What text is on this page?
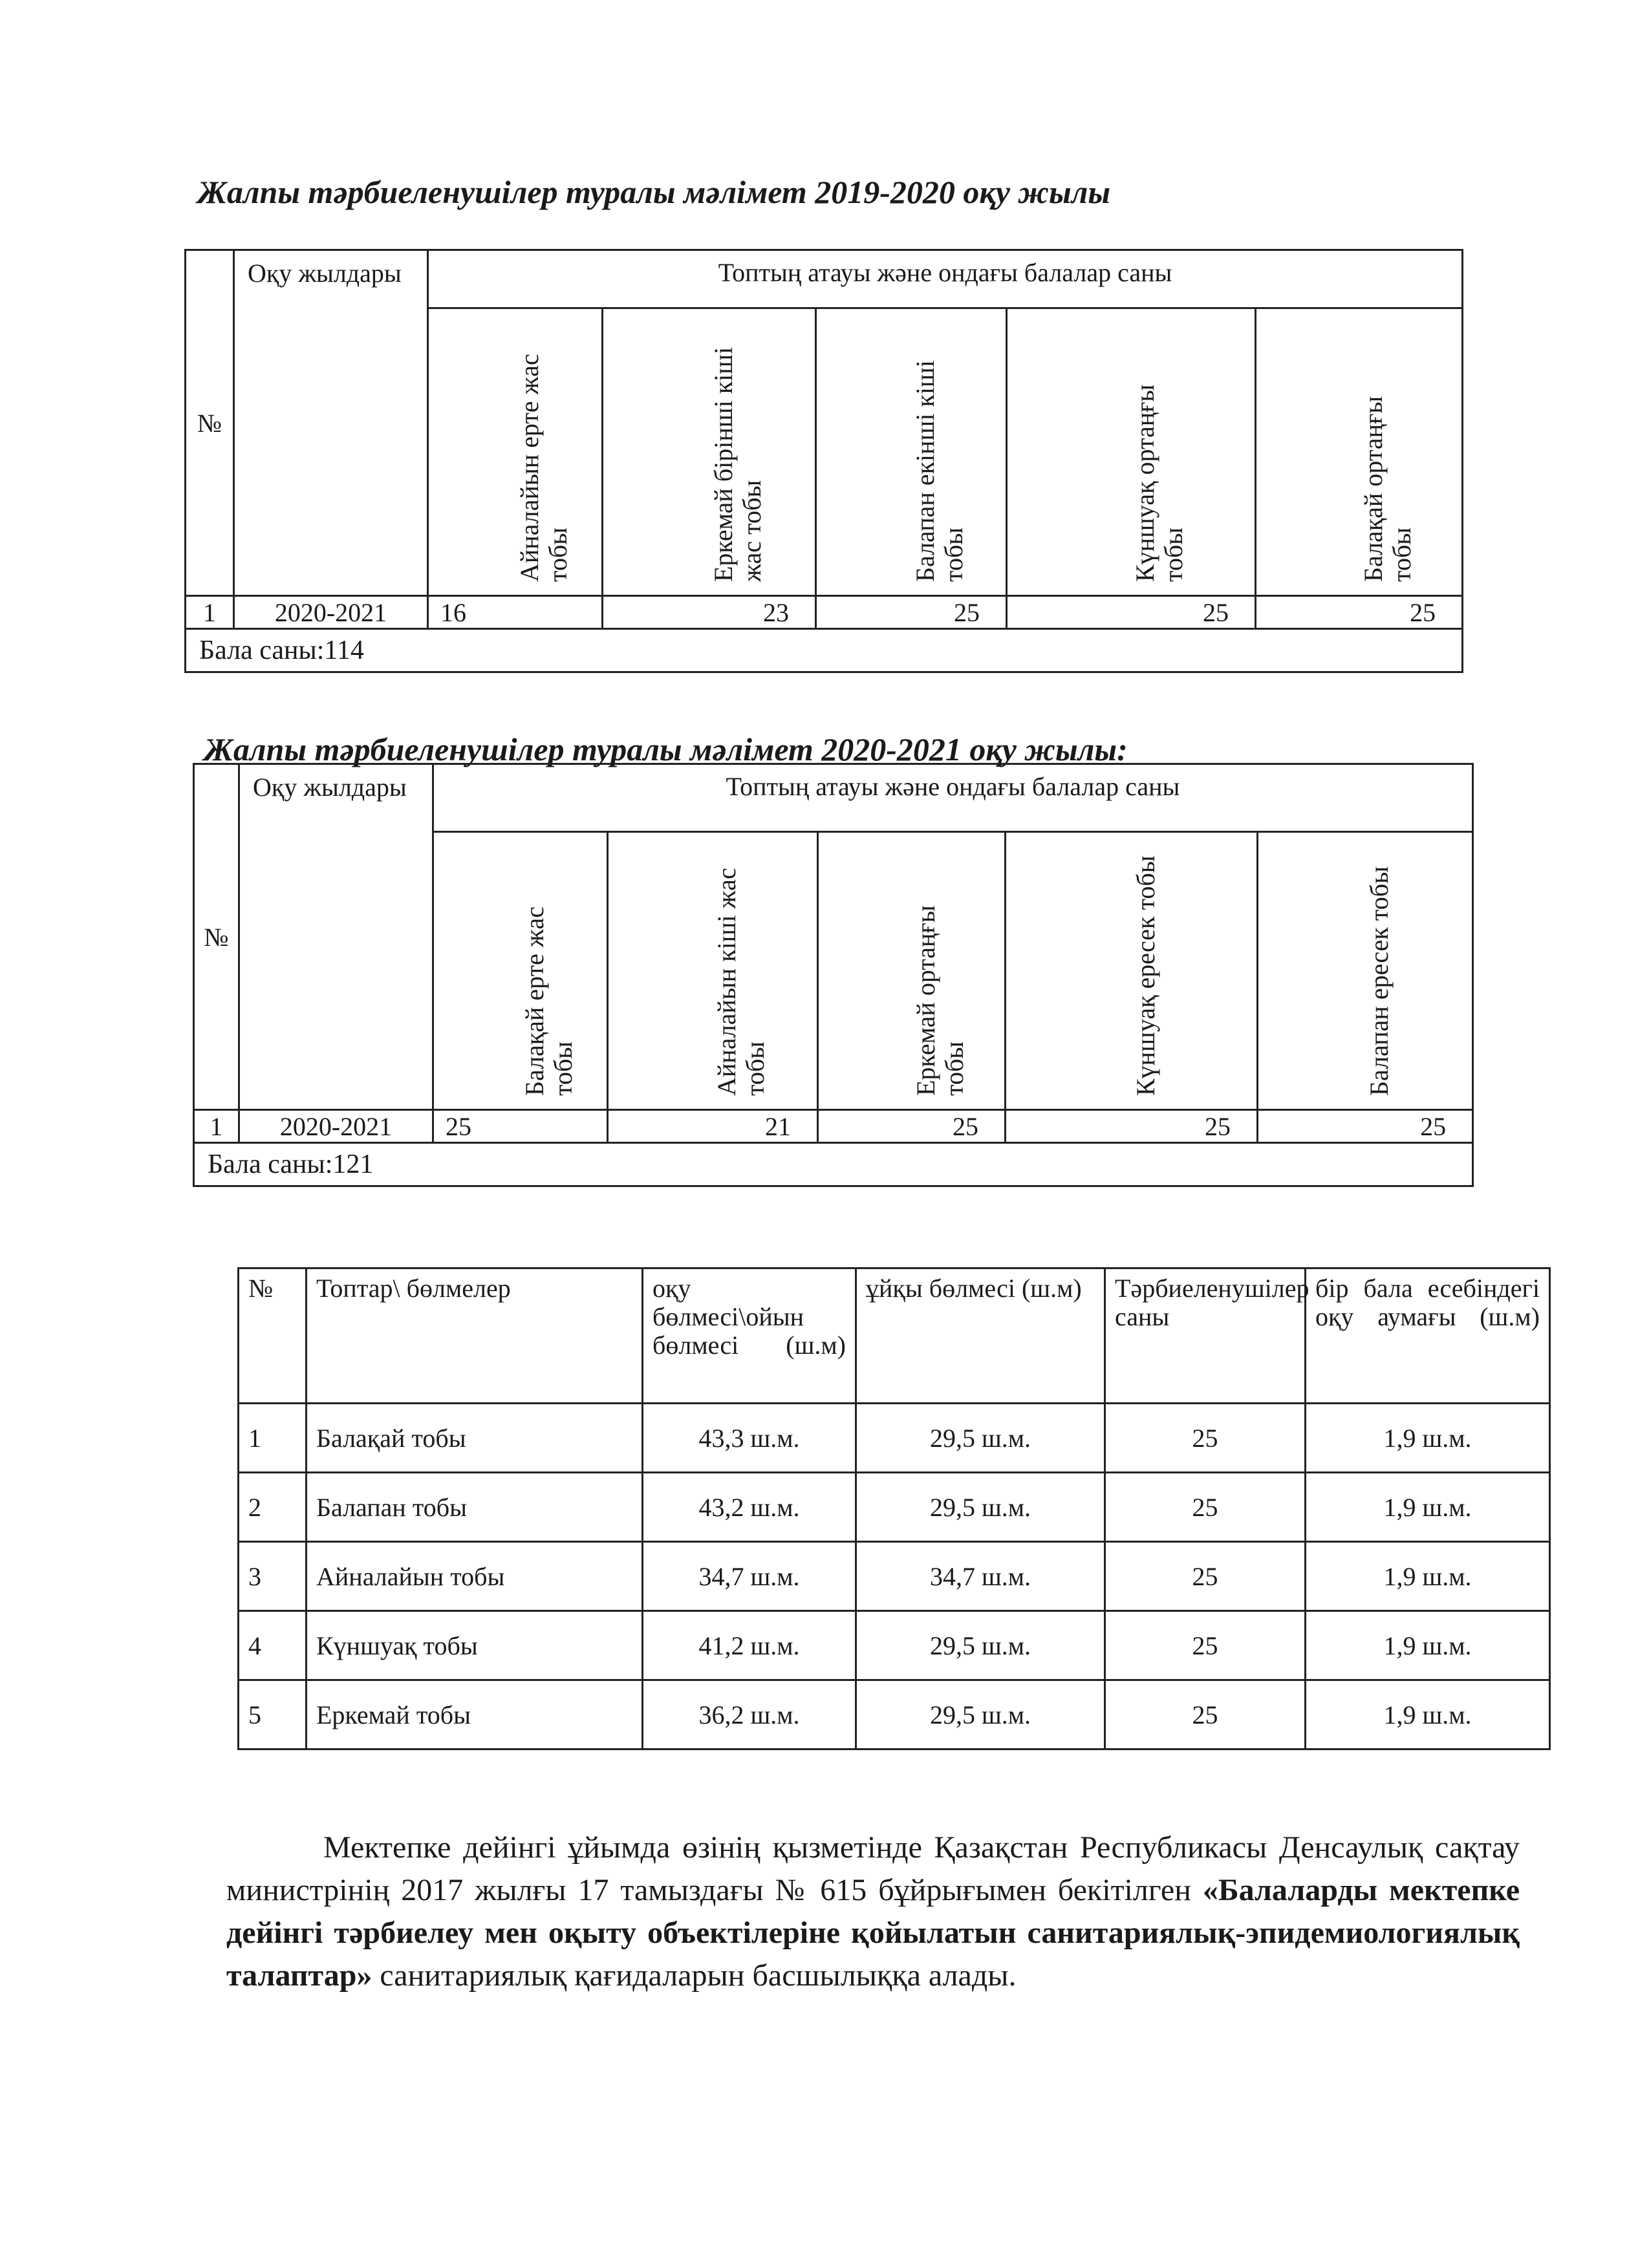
Жалпы тәрбиеленушілер туралы мәлімет 2019-2020 оқу жылы
№	Оқу жылдары	Топтың атауы және ондағы балалар саны				

		Айналайын ерте жас тобы	Еркемай бірінші кіші жас тобы	Балапан екінші кіші тобы	Күншуақ ортаңғы тобы	Балақай ортаңғы тобы

1	2020-2021	16	23	25	25	25
Бала саны:114						
Жалпы тәрбиеленушілер туралы мәлімет 2020-2021 оқу жылы:
№	Оқу жылдары	Топтың атауы және ондағы балалар саны				

		Балақай ерте жас тобы	Айналайын кіші жас тобы	Еркемай ортаңғы тобы	Күншуақ ересек тобы	Балапан ересек тобы

1	2020-2021	25	21	25	25	25
Бала саны:121						
№	Топтар\ бөлмелер	оқу бөлмесі\ойын бөлмесі (ш.м)	ұйқы бөлмесі (ш.м)	Тәрбиеленушілер саны	бір бала есебіндегі оқу аумағы (ш.м)
1	Балақай тобы	43,3 ш.м.	29,5 ш.м.	25	1,9 ш.м.
2	Балапан тобы	43,2 ш.м.	29,5 ш.м.	25	1,9 ш.м.
3	Айналайын тобы	34,7 ш.м.	34,7 ш.м.	25	1,9 ш.м.
4	Күншуақ тобы	41,2 ш.м.	29,5 ш.м.	25	1,9 ш.м.
5	Еркемай тобы	36,2 ш.м.	29,5 ш.м.	25	1,9 ш.м.

Мектепке дейінгі ұйымда өзінің қызметінде Қазақстан Республикасы Денсаулық сақтау министрінің 2017 жылғы 17 тамыздағы № 615 бұйрығымен бекітілген «Балаларды мектепке дейінгі тәрбиелеу мен оқыту объектілеріне қойылатын санитариялық-эпидемиологиялық талаптар» санитариялық қағидаларын басшылыққа алады.
